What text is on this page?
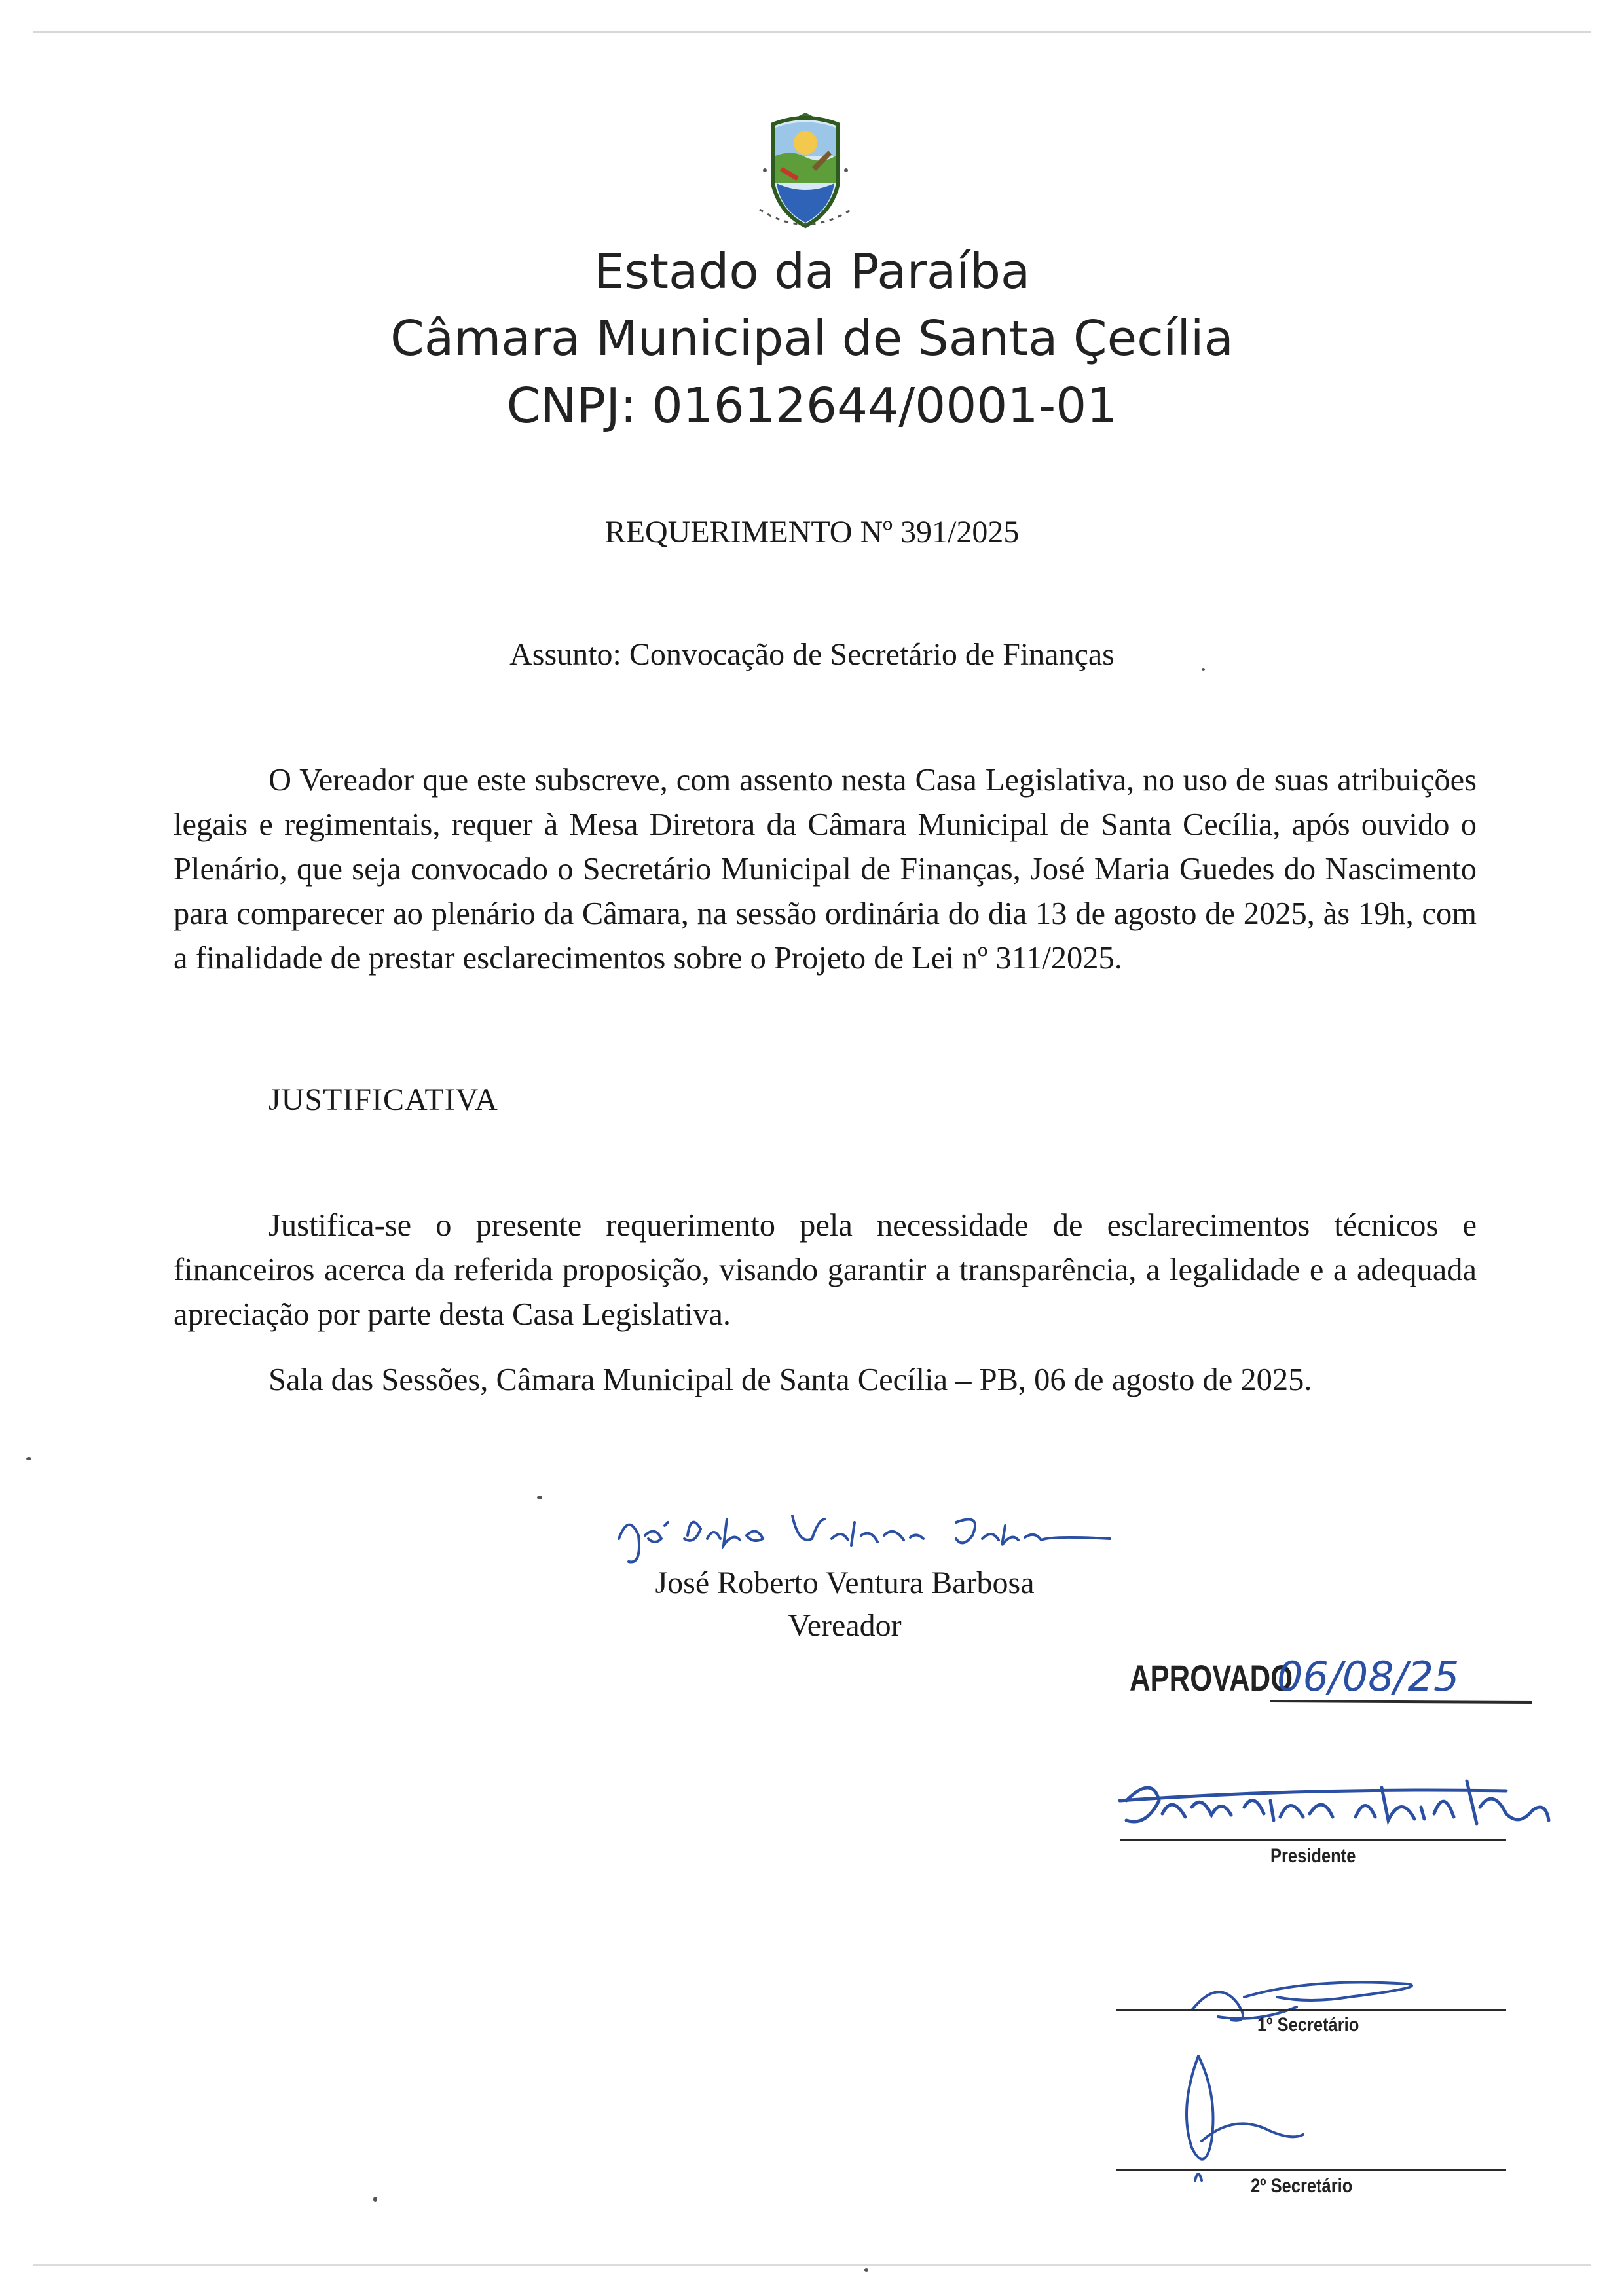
Estado da Paraíba
Câmara Municipal de Santa Çecília
CNPJ: 01612644/0001-01
REQUERIMENTO Nº 391/2025
Assunto: Convocação de Secretário de Finanças

O Vereador que este subscreve, com assento nesta Casa Legislativa, no uso de suas atribuições legais e regimentais, requer à Mesa Diretora da Câmara Municipal de Santa Cecília, após ouvido o Plenário, que seja convocado o Secretário Municipal de Finanças, José Maria Guedes do Nascimento para comparecer ao plenário da Câmara, na sessão ordinária do dia 13 de agosto de 2025, às 19h, com a finalidade de prestar esclarecimentos sobre o Projeto de Lei nº 311/2025.

JUSTIFICATIVA

Justifica-se o presente requerimento pela necessidade de esclarecimentos técnicos e financeiros acerca da referida proposição, visando garantir a transparência, a legalidade e a adequada apreciação por parte desta Casa Legislativa.

Sala das Sessões, Câmara Municipal de Santa Cecília – PB, 06 de agosto de 2025.
José Roberto Ventura Barbosa
Vereador
APROVADO
06/08/25
Presidente
1º Secretário
2º Secretário
